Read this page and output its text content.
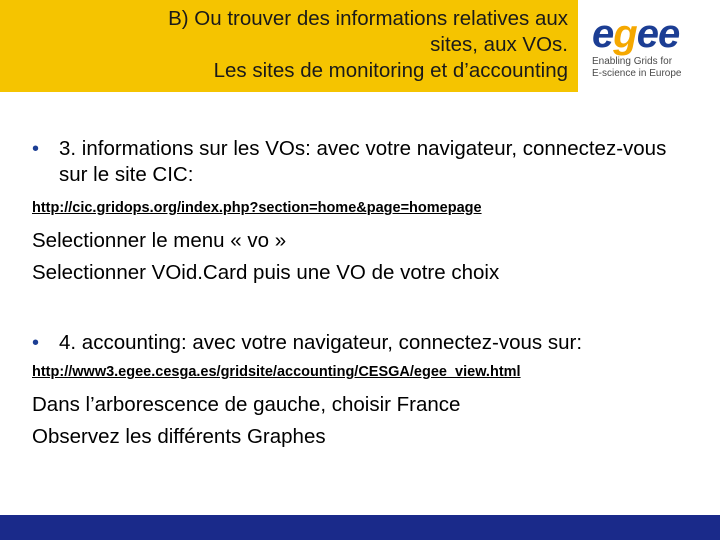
B) Ou trouver des informations relatives aux
sites, aux VOs.
Les sites de monitoring et d’accounting
egee
Enabling Grids for
E-science in Europe
• 3. informations sur les VOs: avec votre navigateur, connectez-vous sur le site CIC:
http://cic.gridops.org/index.php?section=home&page=homepage
Selectionner le menu « vo »
Selectionner VOid.Card puis une VO de votre choix
• 4. accounting: avec votre navigateur, connectez-vous sur:
http://www3.egee.cesga.es/gridsite/accounting/CESGA/egee_view.html
Dans l’arborescence de gauche, choisir France
Observez les différents Graphes
